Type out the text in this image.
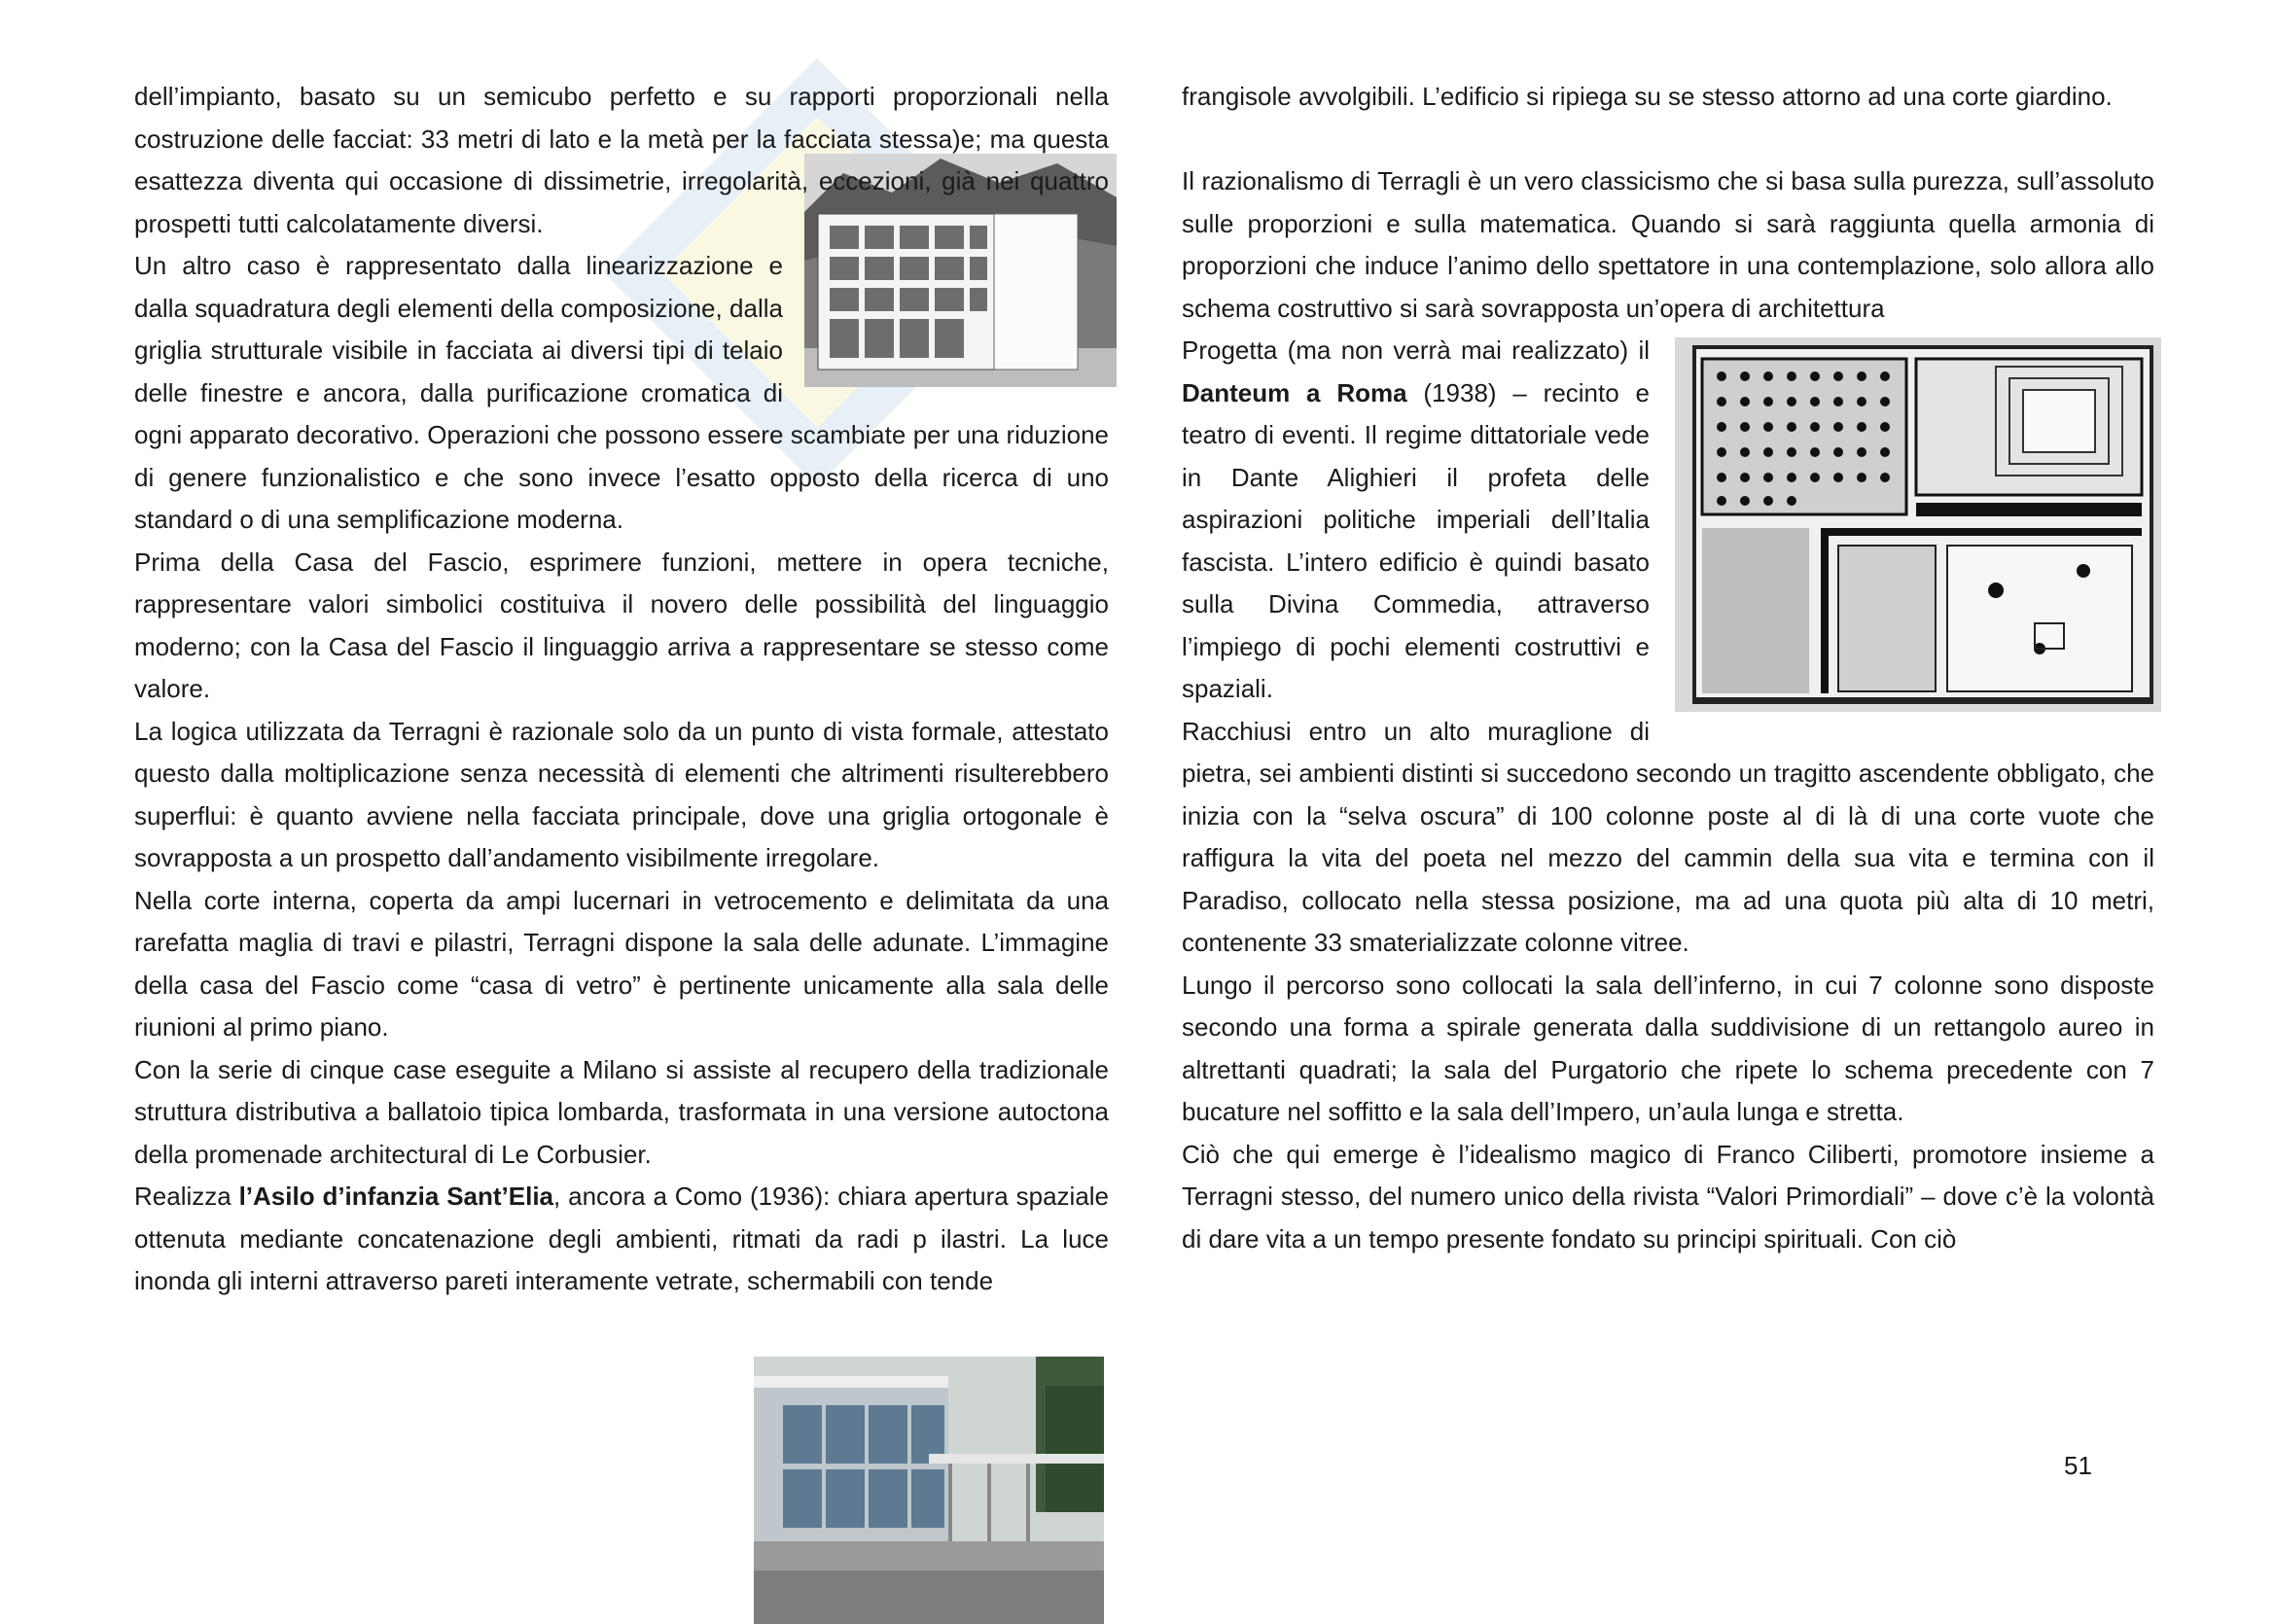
dell’impianto, basato su un semicubo perfetto e su rapporti proporzionali nella costruzione delle facciat: 33 metri di lato e la metà per la facciata stessa)e; ma questa esattezza diventa qui occasione di dissimetrie, irregolarità, eccezioni, già nei quattro prospetti tutti calcolatamente diversi.

Un altro caso è rappresentato dalla linearizzazione e dalla squadratura degli elementi della composizione, dalla griglia strutturale visibile in facciata ai diversi tipi di telaio delle finestre e ancora, dalla purificazione cromatica di ogni apparato decorativo. Operazioni che possono essere scambiate per una riduzione di genere funzionalistico e che sono invece l’esatto opposto della ricerca di uno standard o di una semplificazione moderna.

Prima della Casa del Fascio, esprimere funzioni, mettere in opera tecniche, rappresentare valori simbolici costituiva il novero delle possibilità del linguaggio moderno; con la Casa del Fascio il linguaggio arriva a rappresentare se stesso come valore.

La logica utilizzata da Terragni è razionale solo da un punto di vista formale, attestato questo dalla moltiplicazione senza necessità di elementi che altrimenti risulterebbero superflui: è quanto avviene nella facciata principale, dove una griglia ortogonale è sovrapposta a un prospetto dall’andamento visibilmente irregolare.

Nella corte interna, coperta da ampi lucernari in vetrocemento e delimitata da una rarefatta maglia di travi e pilastri, Terragni dispone la sala delle adunate. L’immagine della casa del Fascio come “casa di vetro” è pertinente unicamente alla sala delle riunioni al primo piano.

Con la serie di cinque case eseguite a Milano si assiste al recupero della tradizionale struttura distributiva a ballatoio tipica lombarda, trasformata in una versione autoctona della promenade architectural di Le Corbusier.

Realizza l’Asilo d’infanzia Sant’Elia, ancora a Como (1936): chiara apertura spaziale ottenuta mediante concatenazione degli ambienti, ritmati da radi p ilastri. La luce inonda gli interni attraverso pareti interamente vetrate, schermabili con tende

frangisole avvolgibili. L’edificio si ripiega su se stesso attorno ad una corte giardino.

Il razionalismo di Terragli è un vero classicismo che si basa sulla purezza, sull’assoluto sulle proporzioni e sulla matematica. Quando si sarà raggiunta quella armonia di proporzioni che induce l’animo dello spettatore in una contemplazione, solo allora allo schema costruttivo si sarà sovrapposta un’opera di architettura

Progetta (ma non verrà mai realizzato) il Danteum a Roma (1938) – recinto e teatro di eventi. Il regime dittatoriale vede in Dante Alighieri il profeta delle aspirazioni politiche imperiali dell’Italia fascista. L’intero edificio è quindi basato sulla Divina Commedia, attraverso l’impiego di pochi elementi costruttivi e spaziali.

Racchiusi entro un alto muraglione di pietra, sei ambienti distinti si succedono secondo un tragitto ascendente obbligato, che inizia con la “selva oscura” di 100 colonne poste al di là di una corte vuote che raffigura la vita del poeta nel mezzo del cammin della sua vita e termina con il Paradiso, collocato nella stessa posizione, ma ad una quota più alta di 10 metri, contenente 33 smaterializzate colonne vitree.

Lungo il percorso sono collocati la sala dell’inferno, in cui 7 colonne sono disposte secondo una forma a spirale generata dalla suddivisione di un rettangolo aureo in altrettanti quadrati; la sala del Purgatorio che ripete lo schema precedente con 7 bucature nel soffitto e la sala dell’Impero, un’aula lunga e stretta.

Ciò che qui emerge è l’idealismo magico di Franco Ciliberti, promotore insieme a Terragni stesso, del numero unico della rivista “Valori Primordiali” – dove c’è la volontà di dare vita a un tempo presente fondato su principi spirituali. Con ciò

51
